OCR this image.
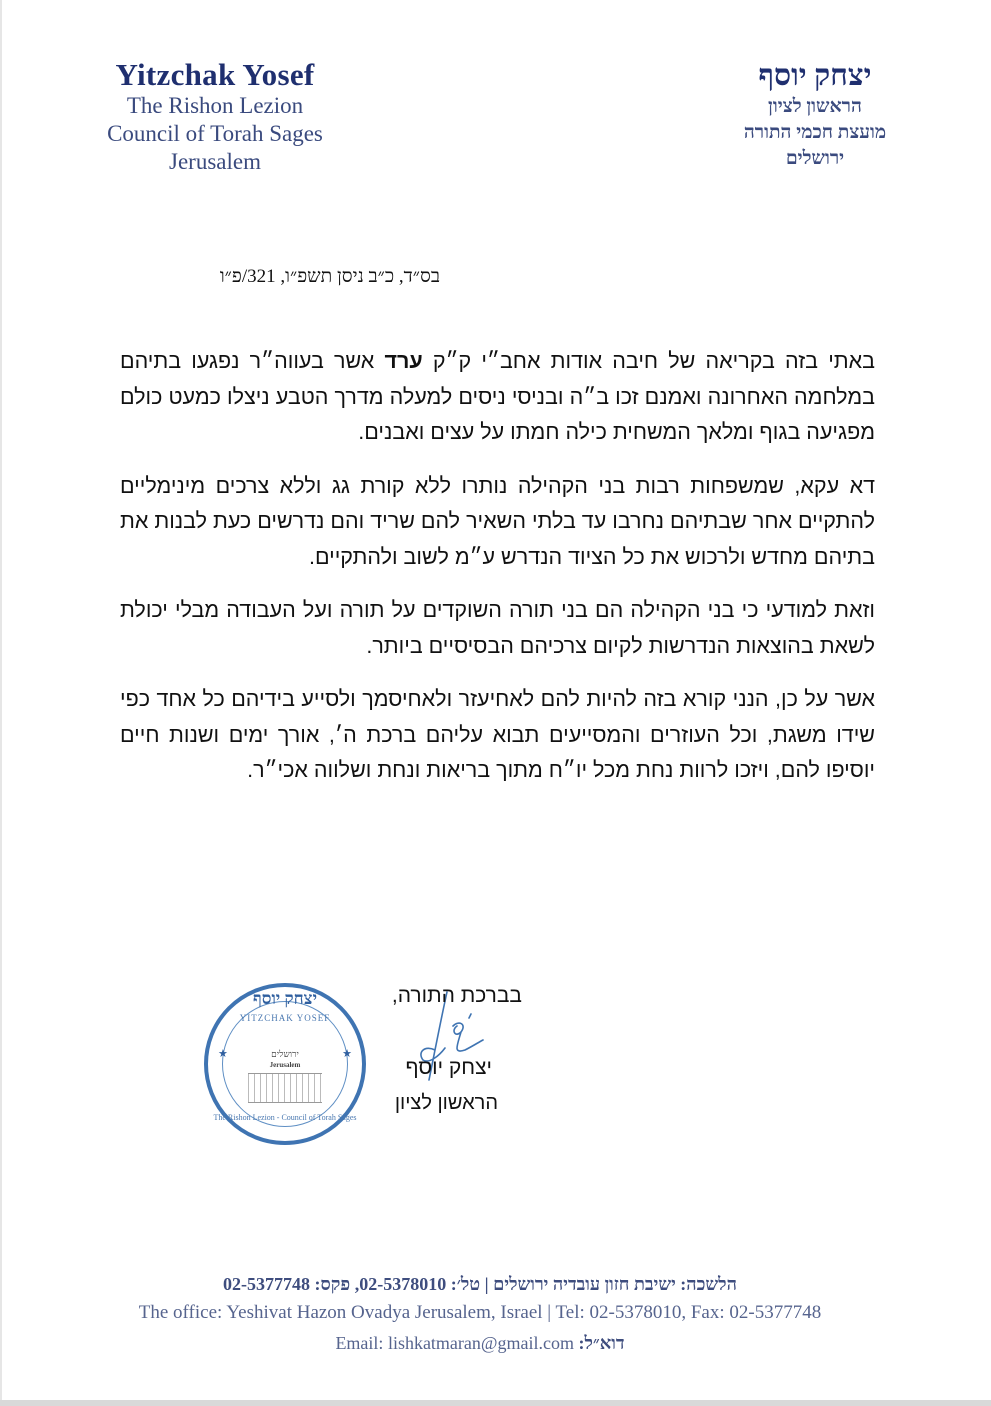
Yitzchak Yosef
The Rishon Lezion
Council of Torah Sages
Jerusalem
יצחק יוסף
הראשון לציון
מועצת חכמי התורה
ירושלים
בס״ד, כ״ב ניסן תשפ״ו, 321/פ״ו

באתי בזה בקריאה של חיבה אודות אחב״י ק״ק ערד אשר בעווה״ר נפגעו בתיהם במלחמה האחרונה ואמנם זכו ב״ה ובניסי ניסים למעלה מדרך הטבע ניצלו כמעט כולם מפגיעה בגוף ומלאך המשחית כילה חמתו על עצים ואבנים.

דא עקא, שמשפחות רבות בני הקהילה נותרו ללא קורת גג וללא צרכים מינימליים להתקיים אחר שבתיהם נחרבו עד בלתי השאיר להם שריד והם נדרשים כעת לבנות את בתיהם מחדש ולרכוש את כל הציוד הנדרש ע״מ לשוב ולהתקיים.

וזאת למודעי כי בני הקהילה הם בני תורה השוקדים על תורה ועל העבודה מבלי יכולת לשאת בהוצאות הנדרשות לקיום צרכיהם הבסיסיים ביותר.

אשר על כן, הנני קורא בזה להיות להם לאחיעזר ולאחיסמך ולסייע בידיהם כל אחד כפי שידו משגת, וכל העוזרים והמסייעים תבוא עליהם ברכת ה׳, אורך ימים ושנות חיים יוסיפו להם, ויזכו לרוות נחת מכל יו״ח מתוך בריאות ונחת ושלווה אכי״ר.

יצחק יוסף
YITZCHAK YOSEF
★	★
ירושלים
Jerusalem
The Rishon Lezion - Council of Torah Sages
בברכת התורה,
יצחק יוסף
הראשון לציון
הלשכה: ישיבת חזון עובדיה ירושלים | טל׳: 02-5378010, פקס: 02-5377748
The office: Yeshivat Hazon Ovadya Jerusalem, Israel | Tel: 02-5378010, Fax: 02-5377748
Email: lishkatmaran@gmail.com דוא״ל:
